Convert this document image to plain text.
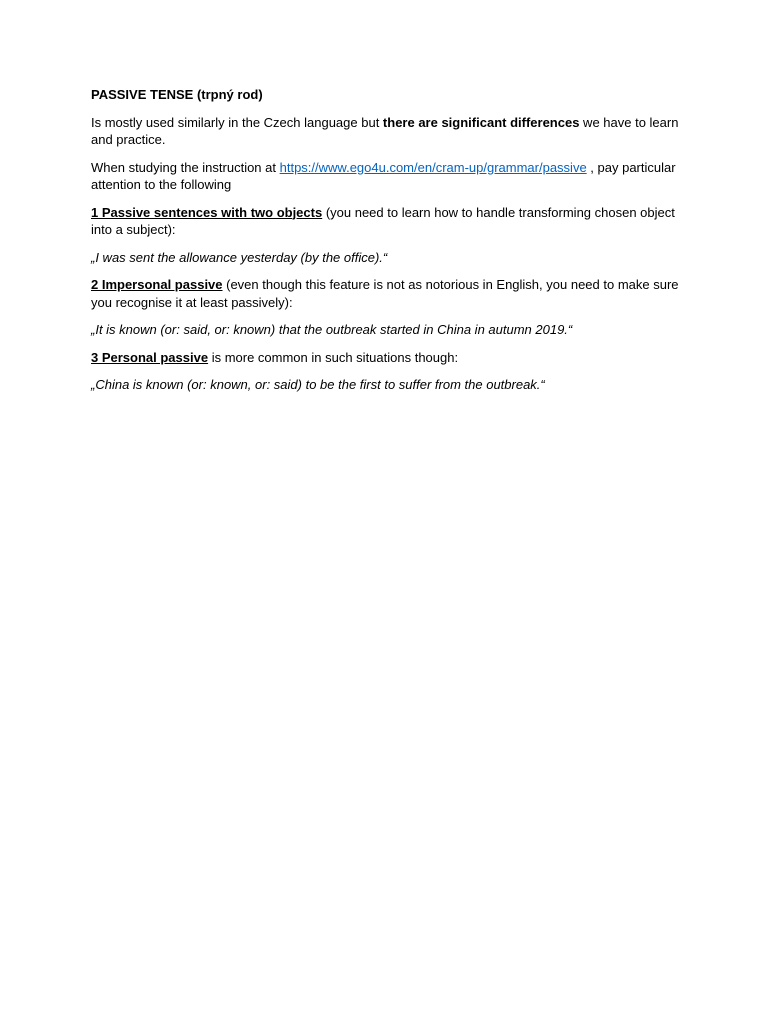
PASSIVE TENSE (trpný rod)

Is mostly used similarly in the Czech language but there are significant differences we have to learn and practice.

When studying the instruction at https://www.ego4u.com/en/cram-up/grammar/passive , pay particular attention to the following

1 Passive sentences with two objects (you need to learn how to handle transforming chosen object into a subject):

„I was sent the allowance yesterday (by the office).“

2 Impersonal passive (even though this feature is not as notorious in English, you need to make sure you recognise it at least passively):

„It is known (or: said, or: known) that the outbreak started in China in autumn 2019.“

3 Personal passive is more common in such situations though:

„China is known (or: known, or: said) to be the first to suffer from the outbreak.“
